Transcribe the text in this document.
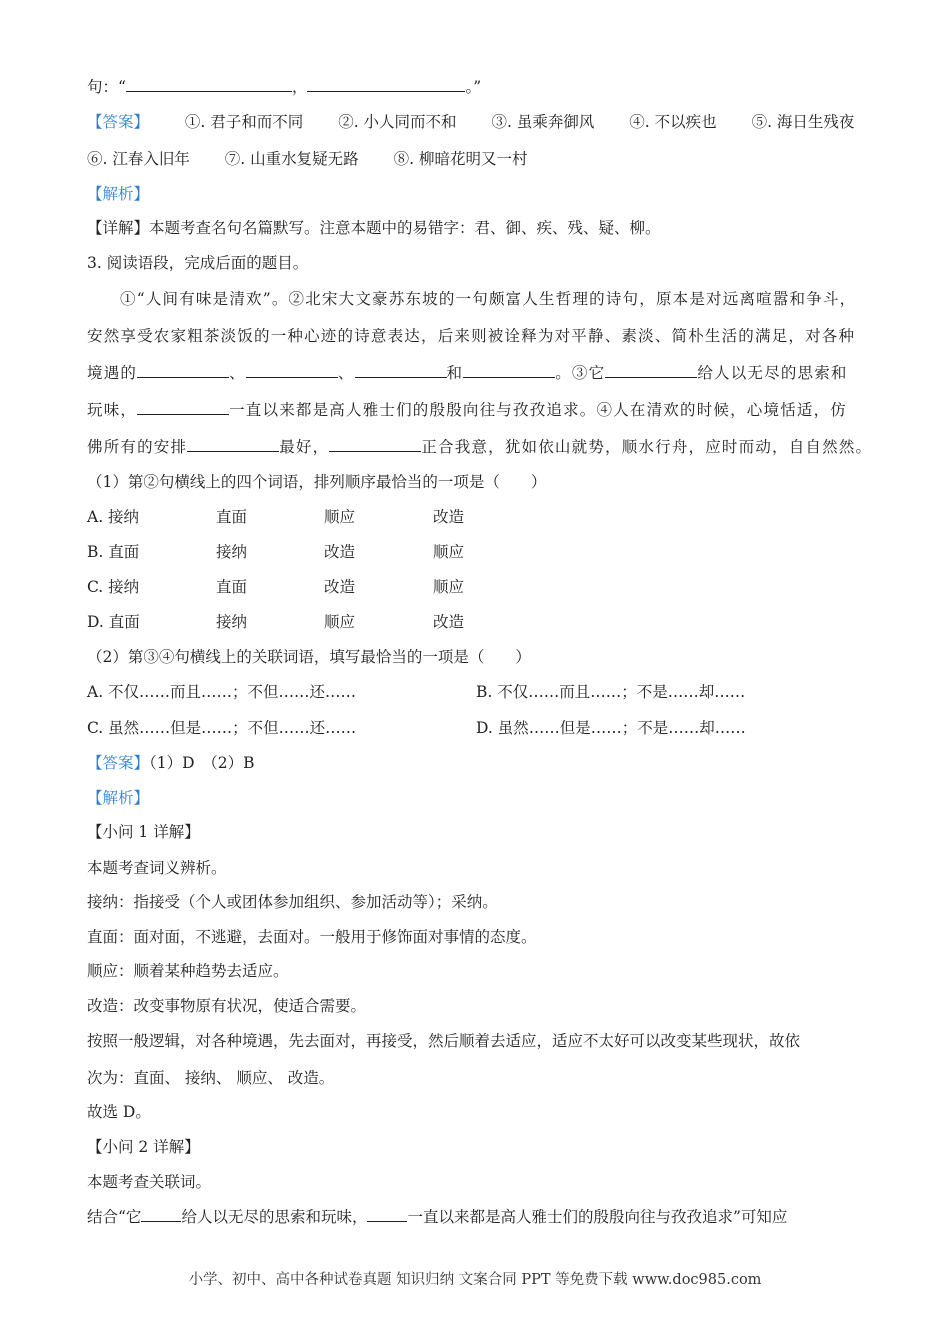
句：“	，	。”
【答案】 ①. 君子和而不同 ②. 小人同而不和 ③. 虽乘奔御风 ④. 不以疾也 ⑤. 海日生残夜
⑥. 江春入旧年 ⑦. 山重水复疑无路 ⑧. 柳暗花明又一村
【解析】
【详解】本题考查名句名篇默写。注意本题中的易错字：君、御、疾、残、疑、柳。
3. 阅读语段，完成后面的题目。
①“人间有味是清欢”。②北宋大文豪苏东坡的一句颇富人生哲理的诗句，原本是对远离喧嚣和争斗，
安然享受农家粗茶淡饭的一种心迹的诗意表达，后来则被诠释为对平静、素淡、简朴生活的满足，对各种
境遇的	、	、	和	。③它	给人以无尽的思索和
玩味，	一直以来都是高人雅士们的殷殷向往与孜孜追求。④人在清欢的时候，心境恬适，仿
佛所有的安排	最好，	正合我意，犹如依山就势，顺水行舟，应时而动，自自然然。
（1）第②句横线上的四个词语，排列顺序最恰当的一项是（　　）
A. 接纳	直面	顺应	改造
B. 直面	接纳	改造	顺应
C. 接纳	直面	改造	顺应
D. 直面	接纳	顺应	改造
（2）第③④句横线上的关联词语，填写最恰当的一项是（　　）
A. 不仅……而且……；不但……还……	B. 不仅……而且……；不是……却……
C. 虽然……但是……；不但……还……	D. 虽然……但是……；不是……却……
【答案】（1）D　（2）B
【解析】
【小问 1 详解】
本题考查词义辨析。
接纳：指接受（个人或团体参加组织、参加活动等）；采纳。
直面：面对面，不逃避，去面对。一般用于修饰面对事情的态度。
顺应：顺着某种趋势去适应。
改造：改变事物原有状况，使适合需要。
按照一般逻辑，对各种境遇，先去面对，再接受，然后顺着去适应，适应不太好可以改变某些现状，故依
次为：直面、 接纳、 顺应、 改造。
故选 D。
【小问 2 详解】
本题考查关联词。
结合“它	给人以无尽的思索和玩味，	一直以来都是高人雅士们的殷殷向往与孜孜追求”可知应
小学、初中、高中各种试卷真题 知识归纳 文案合同 PPT 等免费下载 www.doc985.com
